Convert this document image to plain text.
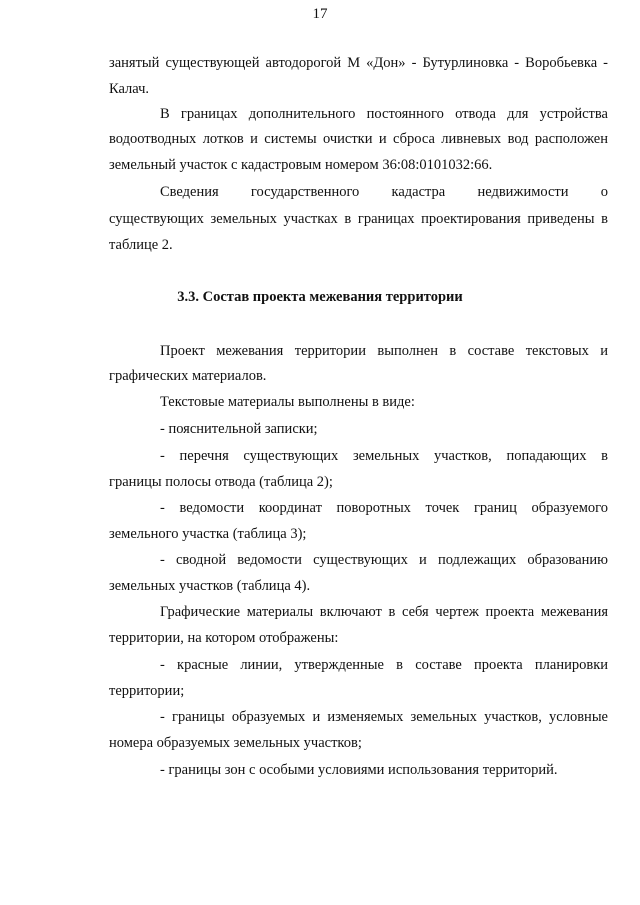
17
занятый существующей автодорогой М «Дон» - Бутурлиновка - Воробьевка -
Калач.
В границах дополнительного постоянного отвода для устройства
водоотводных лотков и системы очистки и сброса ливневых вод расположен
земельный участок с кадастровым номером 36:08:0101032:66.
Сведения государственного кадастра недвижимости о
существующих земельных участках в границах проектирования приведены в
таблице 2.
3.3. Состав проекта межевания территории
Проект межевания территории выполнен в составе текстовых и
графических материалов.
Текстовые материалы выполнены в виде:
- пояснительной записки;
- перечня существующих земельных участков, попадающих в
границы полосы отвода (таблица 2);
- ведомости координат поворотных точек границ образуемого
земельного участка (таблица 3);
- сводной ведомости существующих и подлежащих образованию
земельных участков (таблица 4).
Графические материалы включают в себя чертеж проекта межевания
территории, на котором отображены:
- красные линии, утвержденные в составе проекта планировки
территории;
- границы образуемых и изменяемых земельных участков, условные
номера образуемых земельных участков;
- границы зон с особыми условиями использования территорий.
